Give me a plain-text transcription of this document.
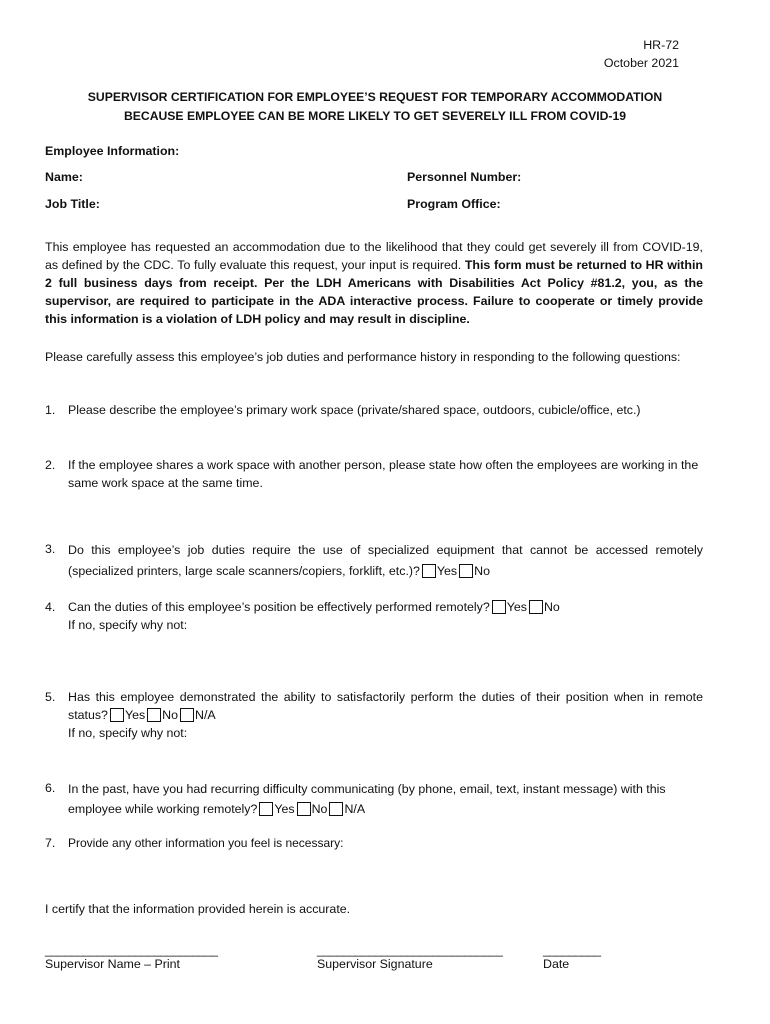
HR-72
October 2021
SUPERVISOR CERTIFICATION FOR EMPLOYEE’S REQUEST FOR TEMPORARY ACCOMMODATION
BECAUSE EMPLOYEE CAN BE MORE LIKELY TO GET SEVERELY ILL FROM COVID-19
Employee Information:
Name:	Personnel Number:
Job Title:	Program Office:
This employee has requested an accommodation due to the likelihood that they could get severely ill from COVID-19, as defined by the CDC. To fully evaluate this request, your input is required. This form must be returned to HR within 2 full business days from receipt. Per the LDH Americans with Disabilities Act Policy #81.2, you, as the supervisor, are required to participate in the ADA interactive process. Failure to cooperate or timely provide this information is a violation of LDH policy and may result in discipline.
Please carefully assess this employee’s job duties and performance history in responding to the following questions:
1. Please describe the employee’s primary work space (private/shared space, outdoors, cubicle/office, etc.)
2. If the employee shares a work space with another person, please state how often the employees are working in the same work space at the same time.
3. Do this employee’s job duties require the use of specialized equipment that cannot be accessed remotely (specialized printers, large scale scanners/copiers, forklift, etc.)? Yes No
4. Can the duties of this employee’s position be effectively performed remotely? Yes No
If no, specify why not:
5. Has this employee demonstrated the ability to satisfactorily perform the duties of their position when in remote status? Yes No N/A
If no, specify why not:
6. In the past, have you had recurring difficulty communicating (by phone, email, text, instant message) with this employee while working remotely? Yes No N/A
7. Provide any other information you feel is necessary:
I certify that the information provided herein is accurate.
___________________________	_____________________________	_________
Supervisor Name – Print	Supervisor Signature	Date
